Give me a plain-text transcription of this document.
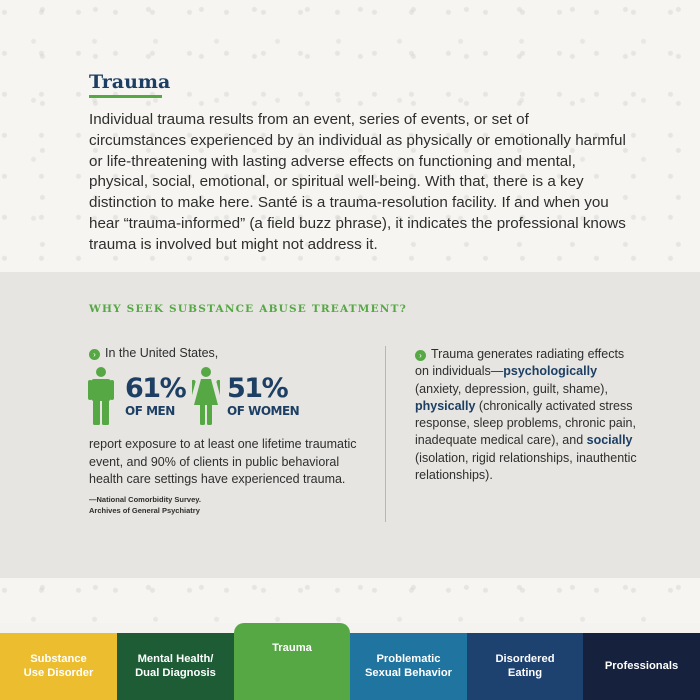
Trauma

Individual trauma results from an event, series of events, or set of circumstances experienced by an individual as physically or emotionally harmful or life-threatening with lasting adverse effects on functioning and mental, physical, social, emotional, or spiritual well-being. With that, there is a key distinction to make here. Santé is a trauma-resolution facility. If and when you hear “trauma-informed” (a field buzz phrase), it indicates the professional knows trauma is involved but might not address it.

WHY SEEK SUBSTANCE ABUSE TREATMENT?
› In the United States,
61%
OF MEN
51%
OF WOMEN

report exposure to at least one lifetime traumatic event, and 90% of clients in public behavioral health care settings have experienced trauma.

—National Comorbidity Survey.
Archives of General Psychiatry

› Trauma generates radiating effects on individuals—psychologically (anxiety, depression, guilt, shame), physically (chronically activated stress response, sleep problems, chronic pain, inadequate medical care), and socially (isolation, rigid relationships, inauthentic relationships).

Substance
Use Disorder
Mental Health/
Dual Diagnosis
Trauma
Problematic
Sexual Behavior
Disordered
Eating
Professionals
